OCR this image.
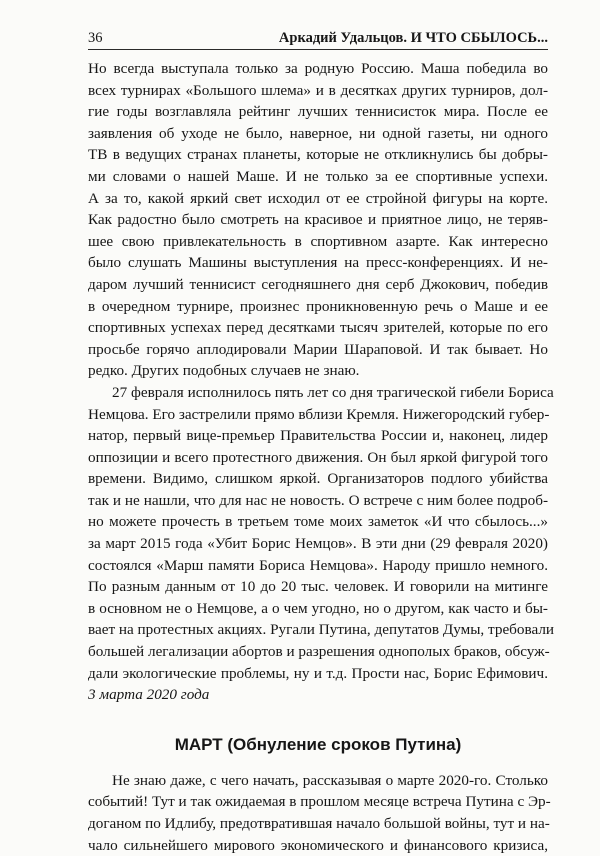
36	Аркадий Удальцов. И ЧТО СБЫЛОСЬ...

Но всегда выступала только за родную Россию. Маша победила во
всех турнирах «Большого шлема» и в десятках других турниров, дол-
гие годы возглавляла рейтинг лучших теннисисток мира. После ее
заявления об уходе не было, наверное, ни одной газеты, ни одного
ТВ в ведущих странах планеты, которые не откликнулись бы добры-
ми словами о нашей Маше. И не только за ее спортивные успехи.
А за то, какой яркий свет исходил от ее стройной фигуры на корте.
Как радостно было смотреть на красивое и приятное лицо, не теряв-
шее свою привлекательность в спортивном азарте. Как интересно
было слушать Машины выступления на пресс-конференциях. И не-
даром лучший теннисист сегодняшнего дня серб Джокович, победив
в очередном турнире, произнес проникновенную речь о Маше и ее
спортивных успехах перед десятками тысяч зрителей, которые по его
просьбе горячо аплодировали Марии Шараповой. И так бывает. Но
редко. Других подобных случаев не знаю.

27 февраля исполнилось пять лет со дня трагической гибели Бориса
Немцова. Его застрелили прямо вблизи Кремля. Нижегородский губер-
натор, первый вице-премьер Правительства России и, наконец, лидер
оппозиции и всего протестного движения. Он был яркой фигурой того
времени. Видимо, слишком яркой. Организаторов подлого убийства
так и не нашли, что для нас не новость. О встрече с ним более подроб-
но можете прочесть в третьем томе моих заметок «И что сбылось...»
за март 2015 года «Убит Борис Немцов». В эти дни (29 февраля 2020)
состоялся «Марш памяти Бориса Немцова». Народу пришло немного.
По разным данным от 10 до 20 тыс. человек. И говорили на митинге
в основном не о Немцове, а о чем угодно, но о другом, как часто и бы-
вает на протестных акциях. Ругали Путина, депутатов Думы, требовали
большей легализации абортов и разрешения однополых браков, обсуж-
дали экологические проблемы, ну и т.д. Прости нас, Борис Ефимович.

3 марта 2020 года

МАРТ (Обнуление сроков Путина)

Не знаю даже, с чего начать, рассказывая о марте 2020-го. Столько
событий! Тут и так ожидаемая в прошлом месяце встреча Путина с Эр-
доганом по Идлибу, предотвратившая начало большой войны, тут и на-
чало сильнейшего мирового экономического и финансового кризиса,
